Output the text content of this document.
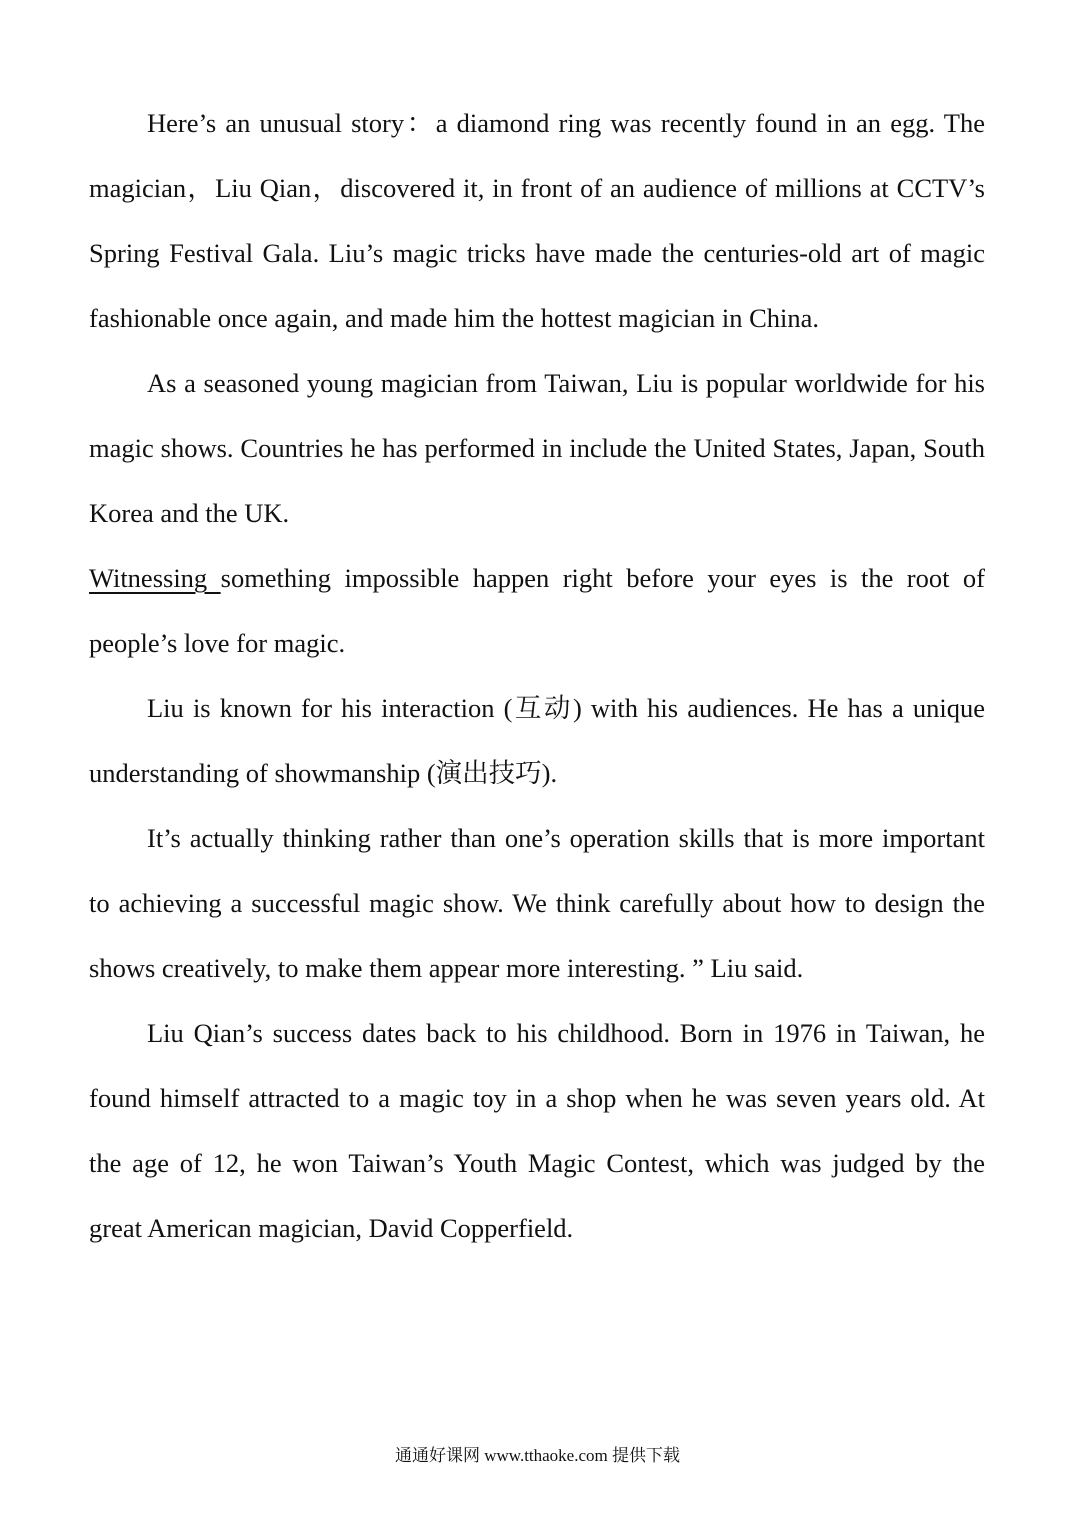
Here’s an unusual story：a diamond ring was recently found in an egg. The magician，Liu Qian，discovered it, in front of an audience of millions at CCTV’s Spring Festival Gala. Liu’s magic tricks have made the centuries-old art of magic fashionable once again, and made him the hottest magician in China.

As a seasoned young magician from Taiwan, Liu is popular worldwide for his magic shows. Countries he has performed in include the United States, Japan, South Korea and the UK.

Witnessing something impossible happen right before your eyes is the root of people’s love for magic.

Liu is known for his interaction (互动) with his audiences. He has a unique understanding of showmanship (演出技巧).

It’s actually thinking rather than one’s operation skills that is more important to achieving a successful magic show. We think carefully about how to design the shows creatively, to make them appear more interesting. ” Liu said.

Liu Qian’s success dates back to his childhood. Born in 1976 in Taiwan, he found himself attracted to a magic toy in a shop when he was seven years old. At the age of 12, he won Taiwan’s Youth Magic Contest, which was judged by the great American magician, David Copperfield.

通通好课网 www.tthaoke.com 提供下载
